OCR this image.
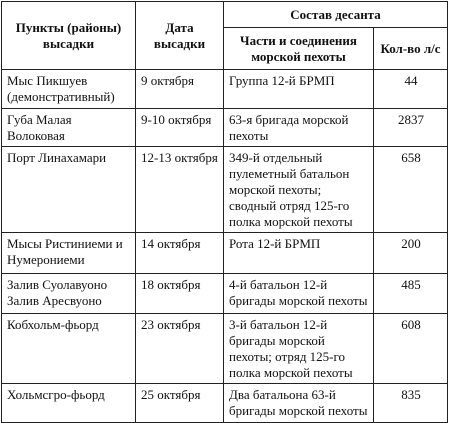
Пункты (районы) высадки	Дата высадки	Состав десанта	
		Части и соединения морской пехоты	Кол-во л/с
Мыс Пикшуев (демонстративный)	9 октября	Группа 12-й БРМП	44
Губа Малая Волоковая	9-10 октября	63-я бригада морской пехоты	2837
Порт Линахамари	12-13 октября	349-й отдельный пулеметный батальон морской пехоты; сводный отряд 125-го полка морской пехоты	658
Мысы Ристиниеми и Нумерониеми	14 октября	Рота 12-й БРМП	200
Залив Суолавуоно Залив Аресвуоно	18 октября	4-й батальон 12-й бригады морской пехоты	485
Кобхольм-фьорд	23 октября	3-й батальон 12-й бригады морской пехоты; отряд 125-го полка морской пехоты	608
Хольмсгро-фьорд	25 октября	Два батальона 63-й бригады морской пехоты	835
